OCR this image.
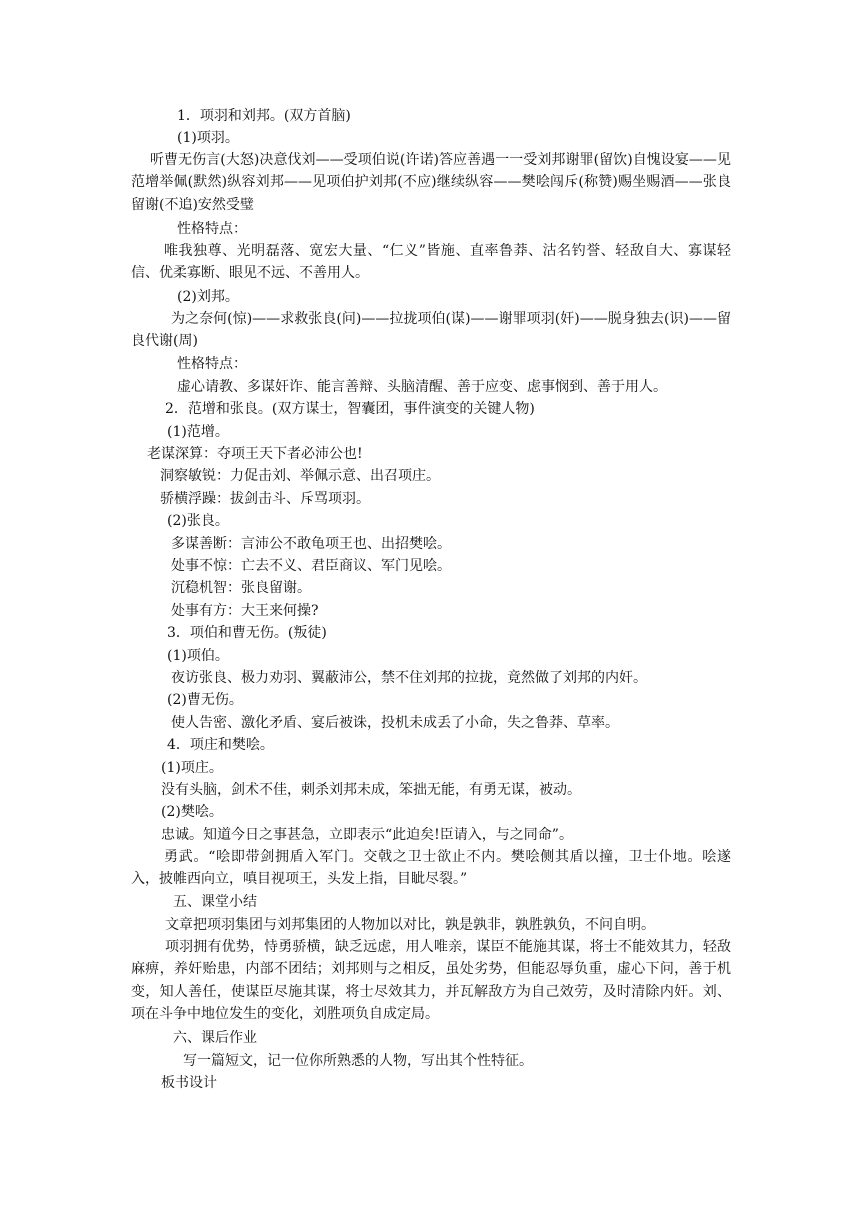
1．项羽和刘邦。(双方首脑)
(1)项羽。
听曹无伤言(大怒)决意伐刘——受项伯说(许诺)答应善遇一一受刘邦谢罪(留饮)自愧设宴——见范增举佩(默然)纵容刘邦——见项伯护刘邦(不应)继续纵容——樊哙闯斥(称赞)赐坐赐酒——张良留谢(不追)安然受璧
性格特点：
唯我独尊、光明磊落、宽宏大量、“仁义”皆施、直率鲁莽、沽名钓誉、轻敌自大、寡谋轻信、优柔寡断、眼见不远、不善用人。
(2)刘邦。
为之奈何(惊)——求救张良(问)——拉拢项伯(谋)——谢罪项羽(奸)——脱身独去(识)——留良代谢(周)
性格特点：
虚心请教、多谋奸诈、能言善辩、头脑清醒、善于应变、虑事悯到、善于用人。
2．范增和张良。(双方谋士，智囊团，事件演变的关键人物)
(1)范增。
老谋深算：夺项王天下者必沛公也!
洞察敏锐：力促击刘、举佩示意、出召项庄。
骄横浮躁：拔剑击斗、斥骂项羽。
(2)张良。
多谋善断：言沛公不敢龟项王也、出招樊哙。
处事不惊：亡去不义、君臣商议、军门见哙。
沉稳机智：张良留谢。
处事有方：大王来何操?
3．项伯和曹无伤。(叛徒)
(1)项伯。
夜访张良、极力劝羽、翼蔽沛公，禁不住刘邦的拉拢，竟然做了刘邦的内奸。
(2)曹无伤。
使人告密、激化矛盾、宴后被诛，投机未成丢了小命，失之鲁莽、草率。
4．项庄和樊哙。
(1)项庄。
没有头脑，剑术不佳，刺杀刘邦未成，笨拙无能，有勇无谋，被动。
(2)樊哙。
忠诚。知道今日之事甚急，立即表示“此迫矣!臣请入，与之同命”。
勇武。“哙即带剑拥盾入军门。交戟之卫士欲止不内。樊哙侧其盾以撞，卫士仆地。哙遂入，披帷西向立，嗔目视项王，头发上指，目眦尽裂。”
五、课堂小结
文章把项羽集团与刘邦集团的人物加以对比，孰是孰非，孰胜孰负，不问自明。
项羽拥有优势，恃勇骄横，缺乏远虑，用人唯亲，谋臣不能施其谋，将士不能效其力，轻敌麻痹，养奸贻患，内部不团结；刘邦则与之相反，虽处劣势，但能忍辱负重，虚心下问，善于机变，知人善任，使谋臣尽施其谋，将士尽效其力，并瓦解敌方为自己效劳，及时清除内奸。刘、项在斗争中地位发生的变化，刘胜项负自成定局。
六、课后作业
写一篇短文，记一位你所熟悉的人物，写出其个性特征。
板书设计
